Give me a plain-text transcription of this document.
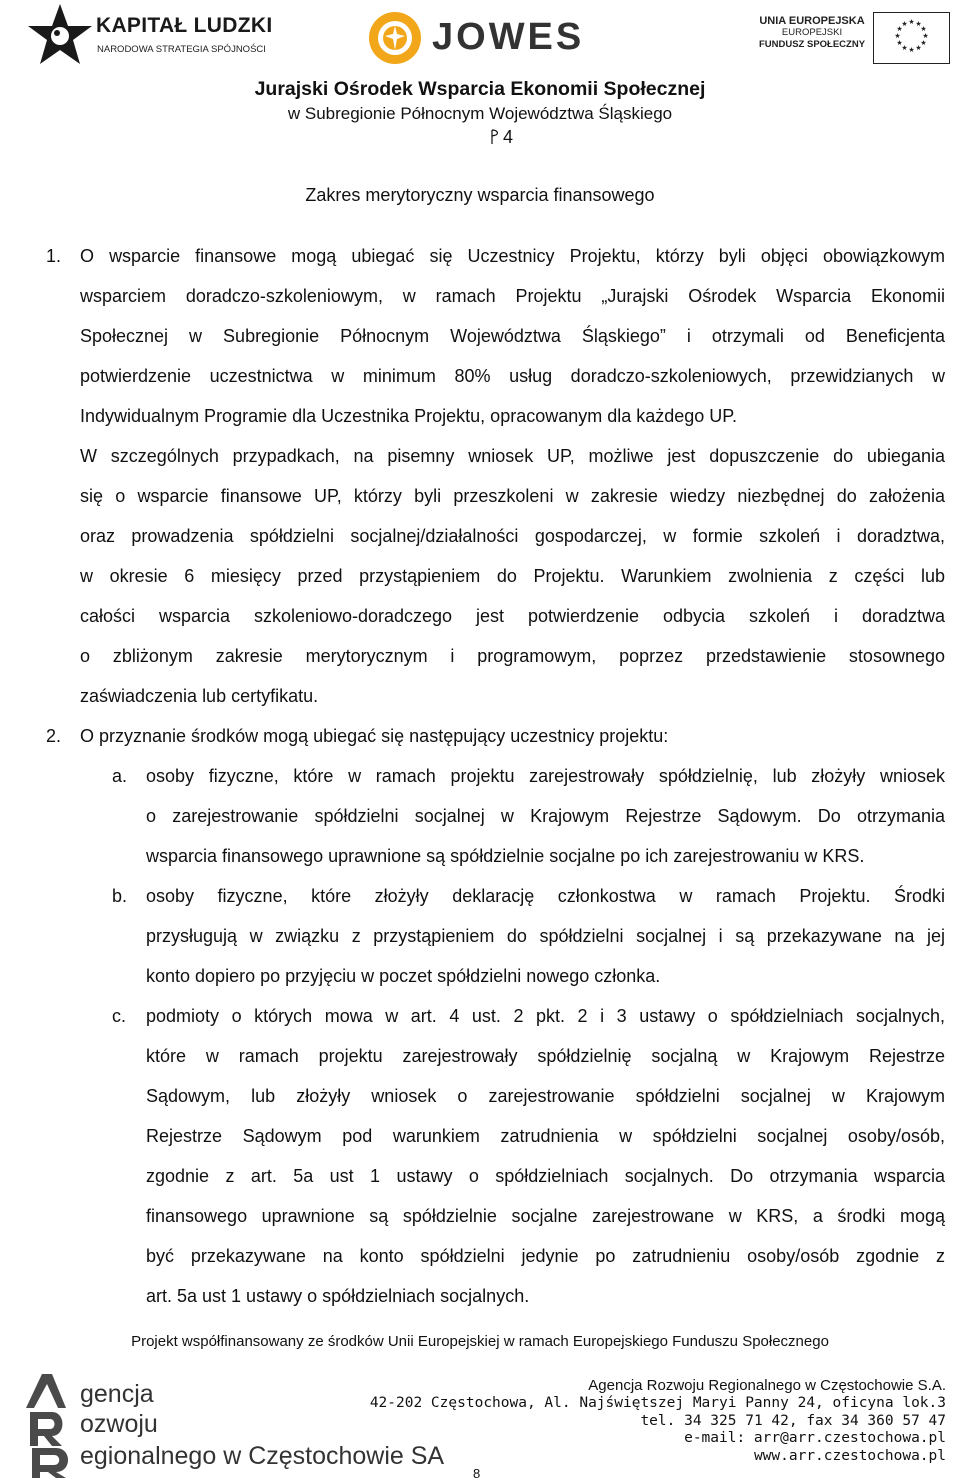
KAPITAŁ LUDZKI
NARODOWA STRATEGIA SPÓJNOŚCI	JOWES	UNIA EUROPEJSKA
EUROPEJSKI
FUNDUSZ SPOŁECZNY
★ ★
★
★
★
★
★
★
★
★
★
★
Jurajski Ośrodek Wsparcia Ekonomii Społecznej
w Subregionie Północnym Województwa Śląskiego
4
Zakres merytoryczny wsparcia finansowego
1. O wsparcie finansowe mogą ubiegać się Uczestnicy Projektu, którzy byli objęci obowiązkowym
wsparciem doradczo-szkoleniowym, w ramach Projektu „Jurajski Ośrodek Wsparcia Ekonomii
Społecznej w Subregionie Północnym Województwa Śląskiego” i otrzymali od Beneficjenta
potwierdzenie uczestnictwa w minimum 80% usług doradczo-szkoleniowych, przewidzianych w
Indywidualnym Programie dla Uczestnika Projektu, opracowanym dla każdego UP.
W szczególnych przypadkach, na pisemny wniosek UP, możliwe jest dopuszczenie do ubiegania
się o wsparcie finansowe UP, którzy byli przeszkoleni w zakresie wiedzy niezbędnej do założenia
oraz prowadzenia spółdzielni socjalnej/działalności gospodarczej, w formie szkoleń i doradztwa,
w okresie 6 miesięcy przed przystąpieniem do Projektu. Warunkiem zwolnienia z części lub
całości wsparcia szkoleniowo-doradczego jest potwierdzenie odbycia szkoleń i doradztwa
o zbliżonym zakresie merytorycznym i programowym, poprzez przedstawienie stosownego
zaświadczenia lub certyfikatu.
2. O przyznanie środków mogą ubiegać się następujący uczestnicy projektu:
a. osoby fizyczne, które w ramach projektu zarejestrowały spółdzielnię, lub złożyły wniosek
o zarejestrowanie spółdzielni socjalnej w Krajowym Rejestrze Sądowym. Do otrzymania
wsparcia finansowego uprawnione są spółdzielnie socjalne po ich zarejestrowaniu w KRS.
b. osoby fizyczne, które złożyły deklarację członkostwa w ramach Projektu. Środki
przysługują w związku z przystąpieniem do spółdzielni socjalnej i są przekazywane na jej
konto dopiero po przyjęciu w poczet spółdzielni nowego członka.
c. podmioty o których mowa w art. 4 ust. 2 pkt. 2 i 3 ustawy o spółdzielniach socjalnych,
które w ramach projektu zarejestrowały spółdzielnię socjalną w Krajowym Rejestrze
Sądowym, lub złożyły wniosek o zarejestrowanie spółdzielni socjalnej w Krajowym
Rejestrze Sądowym pod warunkiem zatrudnienia w spółdzielni socjalnej osoby/osób,
zgodnie z art. 5a ust 1 ustawy o spółdzielniach socjalnych. Do otrzymania wsparcia
finansowego uprawnione są spółdzielnie socjalne zarejestrowane w KRS, a środki mogą
być przekazywane na konto spółdzielni jedynie po zatrudnieniu osoby/osób zgodnie z
art. 5a ust 1 ustawy o spółdzielniach socjalnych.
Projekt współfinansowany ze środków Unii Europejskiej w ramach Europejskiego Funduszu Społecznego
gencja
ozwoju
egionalnego w Częstochowie SA
Agencja Rozwoju Regionalnego w Częstochowie S.A.
42-202 Częstochowa, Al. Najświętszej Maryi Panny 24, oficyna lok.3
tel. 34 325 71 42, fax 34 360 57 47
e-mail: arr@arr.czestochowa.pl
www.arr.czestochowa.pl
8
